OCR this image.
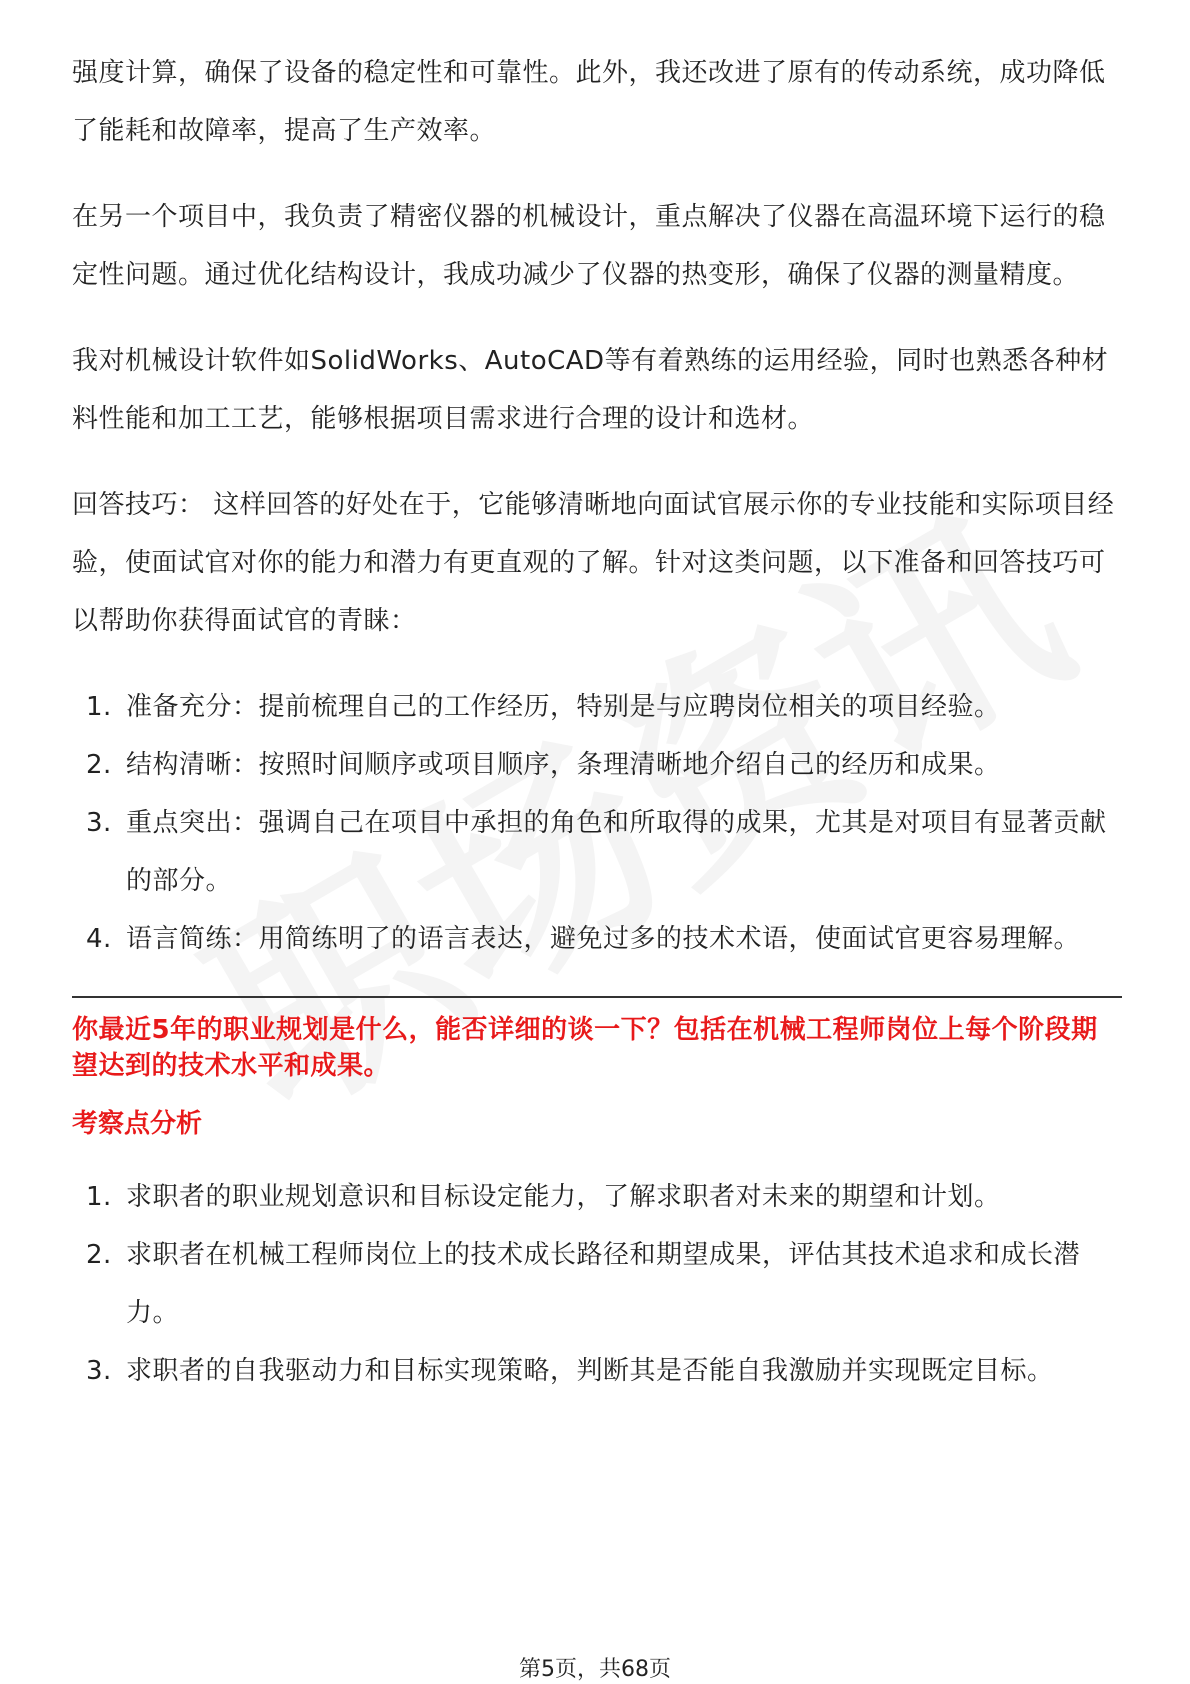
强度计算，确保了设备的稳定性和可靠性。此外，我还改进了原有的传动系统，成功降低了能耗和故障率，提高了生产效率。

在另一个项目中，我负责了精密仪器的机械设计，重点解决了仪器在高温环境下运行的稳定性问题。通过优化结构设计，我成功减少了仪器的热变形，确保了仪器的测量精度。

我对机械设计软件如SolidWorks、AutoCAD等有着熟练的运用经验，同时也熟悉各种材料性能和加工工艺，能够根据项目需求进行合理的设计和选材。

回答技巧： 这样回答的好处在于，它能够清晰地向面试官展示你的专业技能和实际项目经验，使面试官对你的能力和潜力有更直观的了解。针对这类问题，以下准备和回答技巧可以帮助你获得面试官的青睐：

1. 准备充分：提前梳理自己的工作经历，特别是与应聘岗位相关的项目经验。
2. 结构清晰：按照时间顺序或项目顺序，条理清晰地介绍自己的经历和成果。
3. 重点突出：强调自己在项目中承担的角色和所取得的成果，尤其是对项目有显著贡献的部分。
4. 语言简练：用简练明了的语言表达，避免过多的技术术语，使面试官更容易理解。

你最近5年的职业规划是什么，能否详细的谈一下？包括在机械工程师岗位上每个阶段期望达到的技术水平和成果。

考察点分析

1. 求职者的职业规划意识和目标设定能力，了解求职者对未来的期望和计划。
2. 求职者在机械工程师岗位上的技术成长路径和期望成果，评估其技术追求和成长潜力。
3. 求职者的自我驱动力和目标实现策略，判断其是否能自我激励并实现既定目标。
第5页，共68页
